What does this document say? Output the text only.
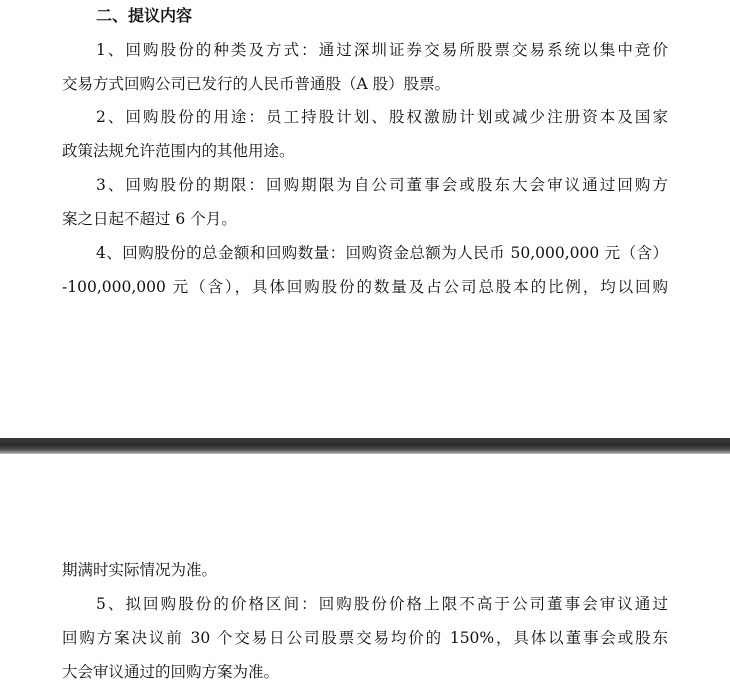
二、提议内容
1、回购股份的种类及方式：通过深圳证券交易所股票交易系统以集中竞价
交易方式回购公司已发行的人民币普通股（A 股）股票。
2、回购股份的用途：员工持股计划、股权激励计划或减少注册资本及国家
政策法规允许范围内的其他用途。
3、回购股份的期限：回购期限为自公司董事会或股东大会审议通过回购方
案之日起不超过 6 个月。
4、回购股份的总金额和回购数量：回购资金总额为人民币 50,000,000 元（含）
-100,000,000 元（含），具体回购股份的数量及占公司总股本的比例，均以回购
期满时实际情况为准。
5、拟回购股份的价格区间：回购股份价格上限不高于公司董事会审议通过
回购方案决议前 30 个交易日公司股票交易均价的 150%，具体以董事会或股东
大会审议通过的回购方案为准。
